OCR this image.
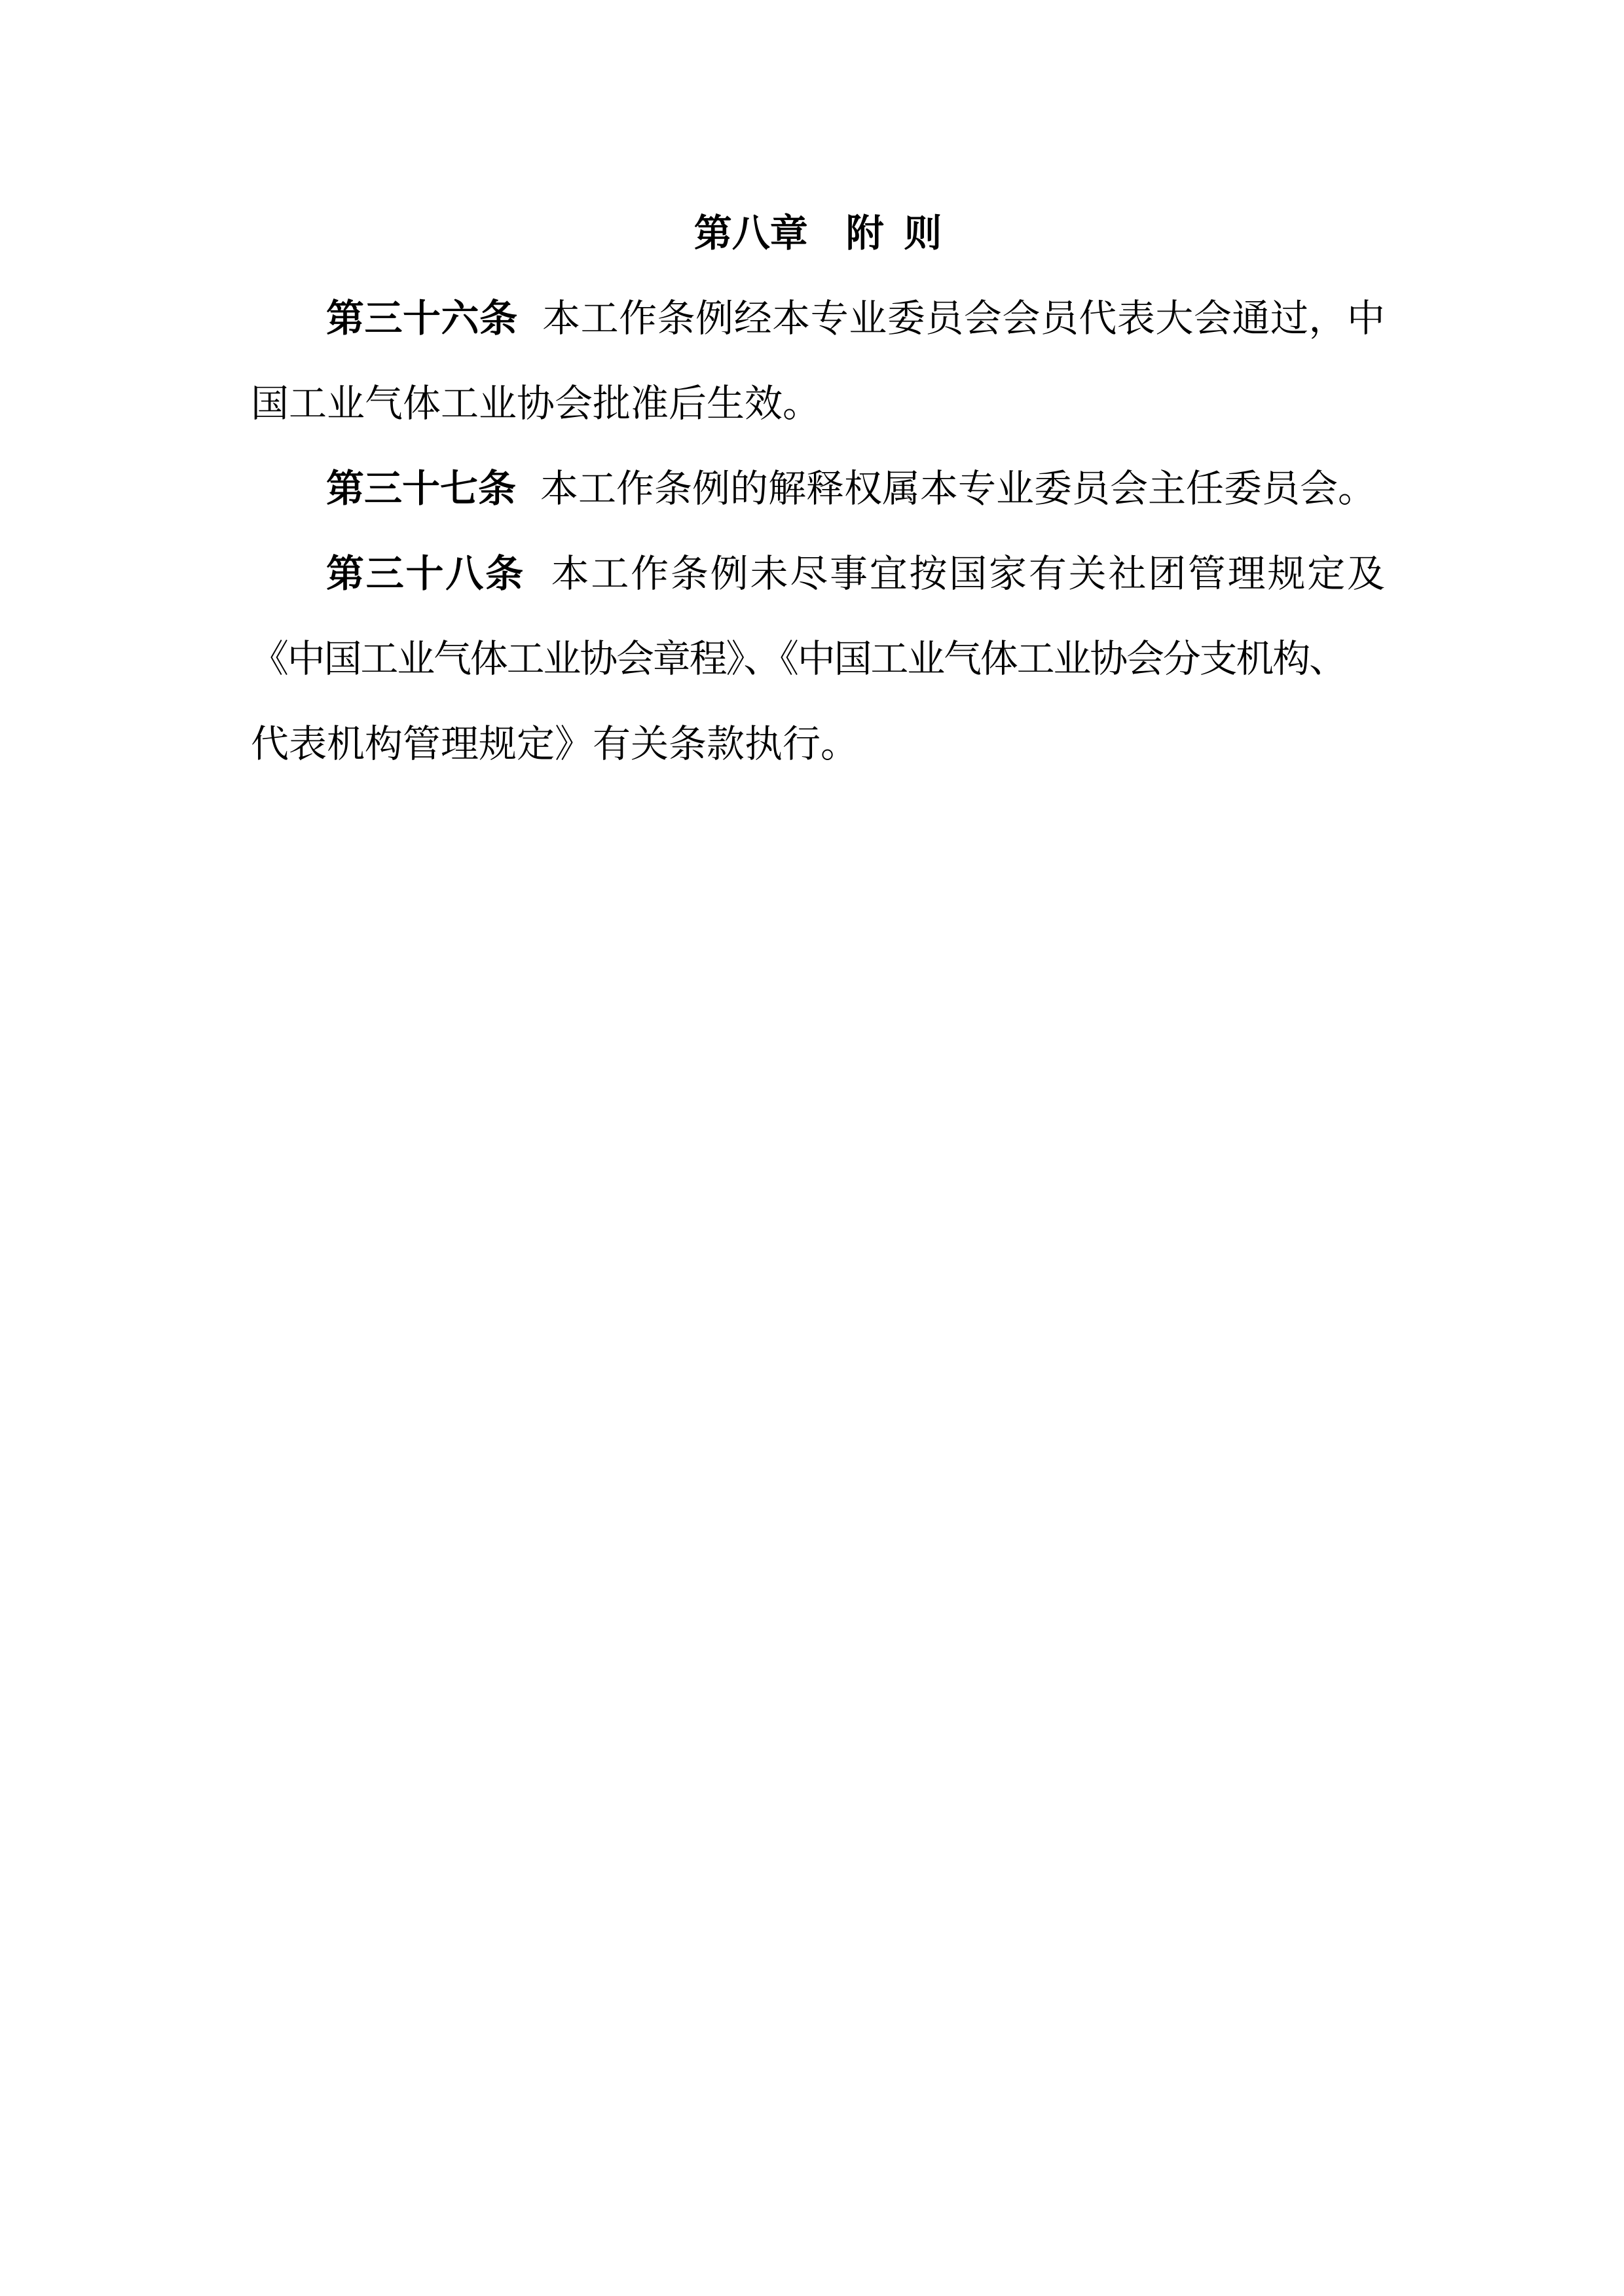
第八章 附 则
第三十六条 本工作条例经本专业委员会会员代表大会通过，中
国工业气体工业协会批准后生效。
第三十七条 本工作条例的解释权属本专业委员会主任委员会。
第三十八条 本工作条例未尽事宜按国家有关社团管理规定及
《中国工业气体工业协会章程》、《中国工业气体工业协会分支机构、
代表机构管理规定》有关条款执行。
